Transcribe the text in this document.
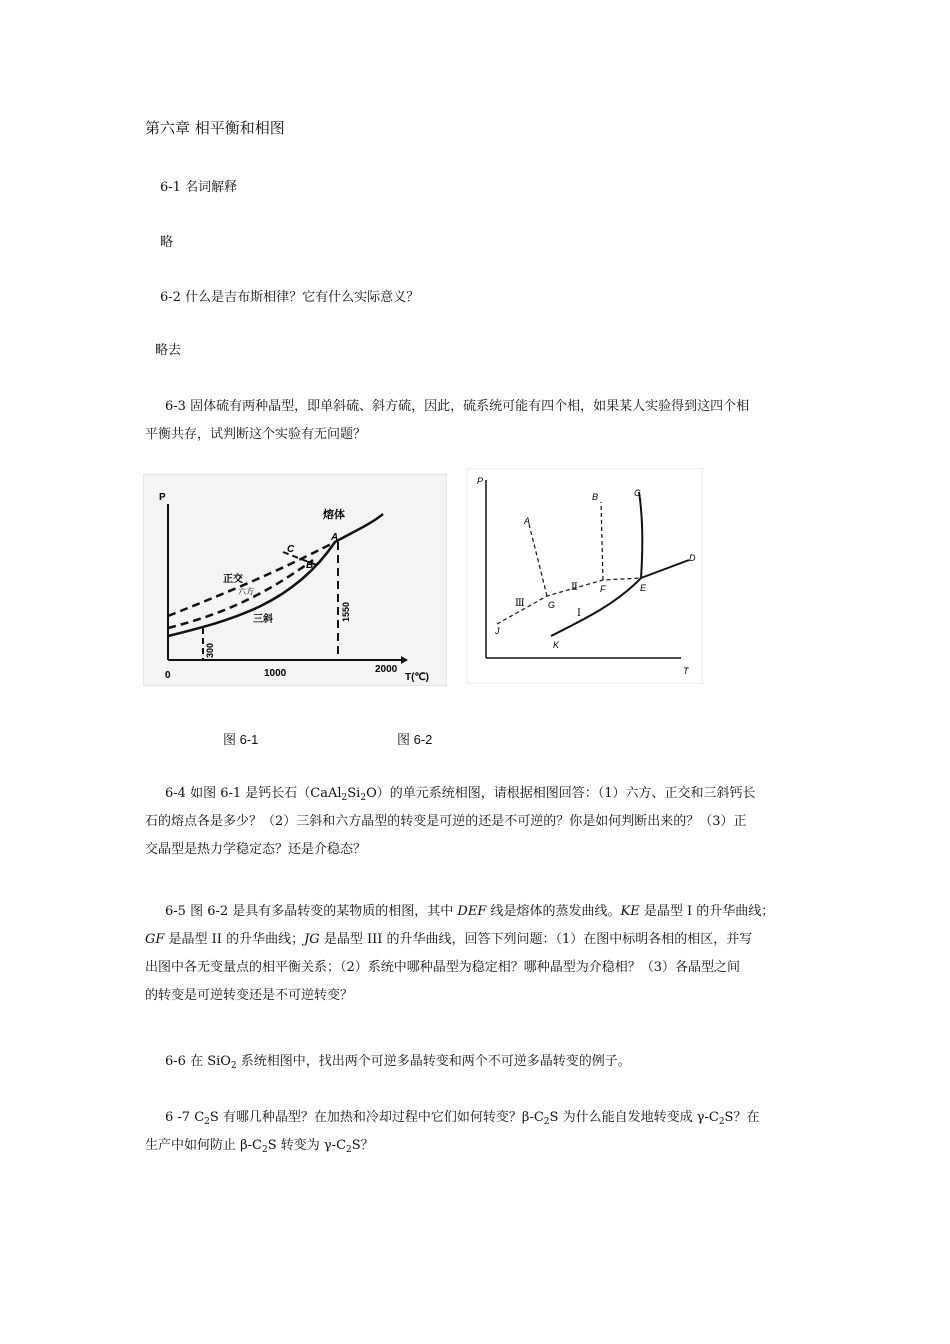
第六章 相平衡和相图
6-1 名词解释
略
6-2 什么是吉布斯相律？它有什么实际意义？
略去

6-3 固体硫有两种晶型，即单斜硫、斜方硫，因此，硫系统可能有四个相，如果某人实验得到这四个相

平衡共存，试判断这个实验有无问题？

P
T(℃)
0	1000	2000
熔体
正交
六方
三斜
A
B
C
300
1550
P
T
A
B	C
D
E
F
G
J
K
Ⅰ
Ⅱ
Ⅲ
图 6-1	图 6-2

6-4 如图 6-1 是钙长石$(CaAl_2Si_2O)$的单元系统相图，请根据相图回答：（1）六方、正交和三斜钙长

石的熔点各是多少？（2）三斜和六方晶型的转变是可逆的还是不可逆的？你是如何判断出来的？（3）正

交晶型是热力学稳定态？还是介稳态？

6-5 图 6-2 是具有多晶转变的某物质的相图，其中 DEF 线是熔体的蒸发曲线。KE 是晶型 Ⅰ 的升华曲线；

GF 是晶型 II 的升华曲线；JG 是晶型 III 的升华曲线，回答下列问题：（1）在图中标明各相的相区，并写

出图中各无变量点的相平衡关系；（2）系统中哪种晶型为稳定相？哪种晶型为介稳相？（3）各晶型之间

的转变是可逆转变还是不可逆转变？

6-6 在 SiO$_2$ 系统相图中，找出两个可逆多晶转变和两个不可逆多晶转变的例子。

6 -7 $C_2S$ 有哪几种晶型？在加热和冷却过程中它们如何转变？$\beta-C_2S$ 为什么能自发地转变成 $\gamma-C_2S$？在

生产中如何防止 $\beta-C_2S$ 转变为 $\gamma-C_2S$？
